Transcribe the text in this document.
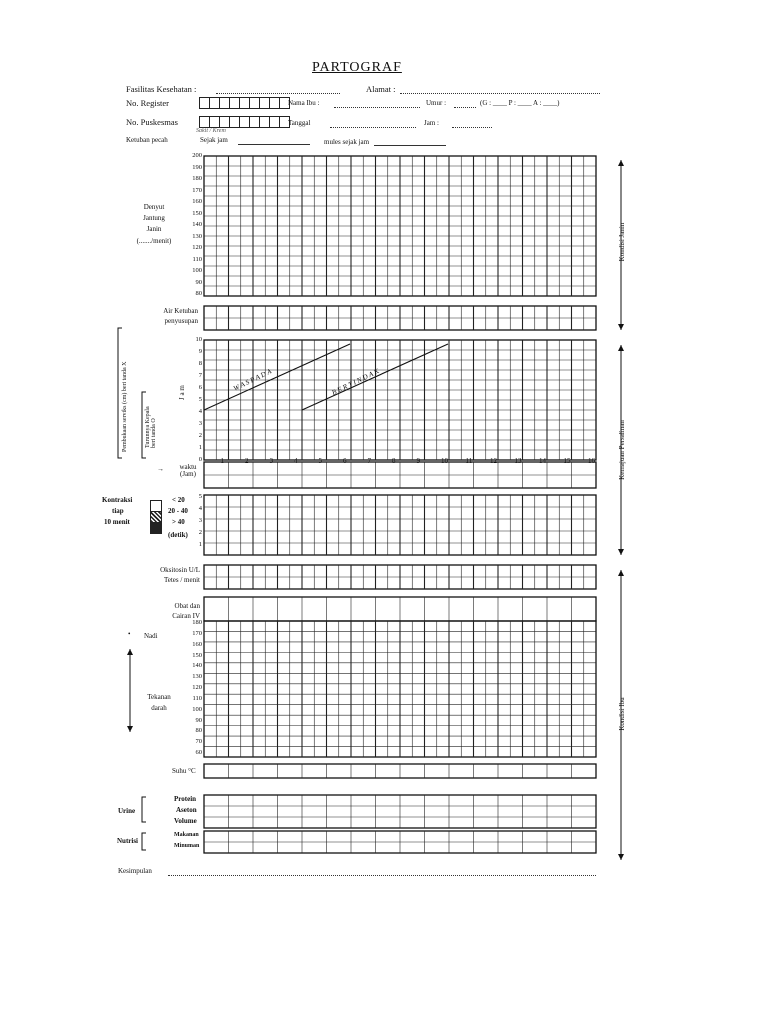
PARTOGRAF
Fasilitas Kesehatan :	Alamat :
No. Register	Nama Ibu :	Umur :	(G : ____ P : ____ A : ____)
No. Puskesmas	Tanggal	Jam :
Sakit / Krem
Ketuban pecah	Sejak jam	mules sejak jam
Denyut
Jantung
Janin
(......./menit)
200
190
180
170
160
150
140
130
120
110
100
90
80
Air Ketuban
penyusupan
10
9
8
7
6
5
4
3
2
1
0	1	2	3	4	5	6	7	8	9	10	11	12	13	14	15	16
J a m
Pembukaan serviks (cm) beri tanda X	Turunnya Kepala beri tanda O
→	waktu (Jam)
W A S P A D A	B E R T I N D A K
Kontraksi
tiap
10 menit
< 20
20 - 40
> 40
(detik)
5
4
3
2
1
Oksitosin U/L
Tetes / menit
Obat dan
Cairan IV
• Nadi
Tekanan
darah
180
170
160
150
140
130
120
110
100
90
80
70
60
Suhu °C
Urine
Protein
Aseton
Volume
Nutrisi
Makanan
Minuman
Kesimpulan
Kondisi Janin
Kemajuan Persalinan
Kondisi Ibu
